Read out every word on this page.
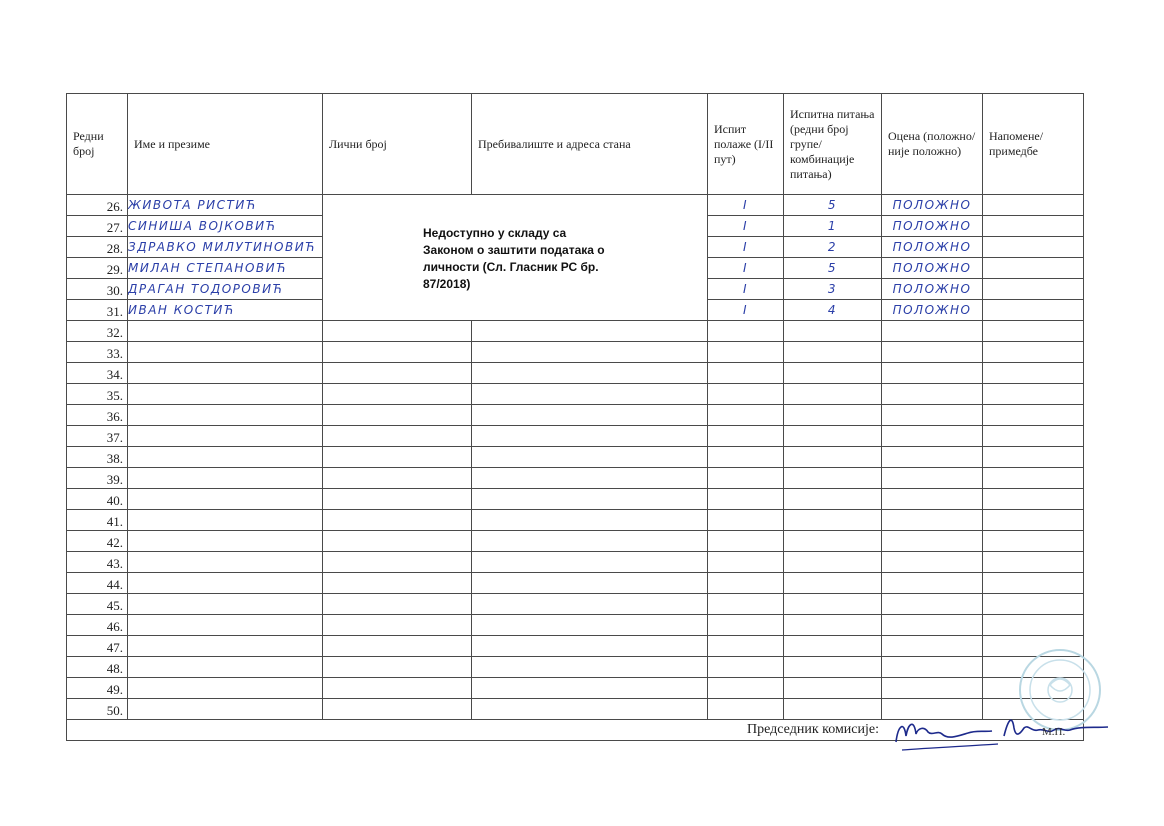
Редни број	Име и презиме	Лични број	Пребивалиште и адреса стана	Испит полаже (I/II пут)	Испитна питања (редни број групе/ комбинације питања)	Оцена (положно/ није положно)	Напомене/ примедбе
26.	ЖИВОТА РИСТИЋ	Недоступно у складу са Законом о заштити података о личности (Сл. Гласник РС бр. 87/2018)		I	5	ПОЛОЖНО	
27.	СИНИША ВОЈКОВИЋ			I	1	ПОЛОЖНО	
28.	ЗДРАВКО МИЛУТИНОВИЋ			I	2	ПОЛОЖНО	
29.	МИЛАН СТЕПАНОВИЋ			I	5	ПОЛОЖНО	
30.	ДРАГАН ТОДОРОВИЋ			I	3	ПОЛОЖНО	
31.	ИВАН КОСТИЋ			I	4	ПОЛОЖНО	
32.							
33.							
34.							
35.							
36.							
37.							
38.							
39.							
40.							
41.							
42.							
43.							
44.							
45.							
46.							
47.							
48.							
49.							
50.							
Председник комисије:								М.П.
